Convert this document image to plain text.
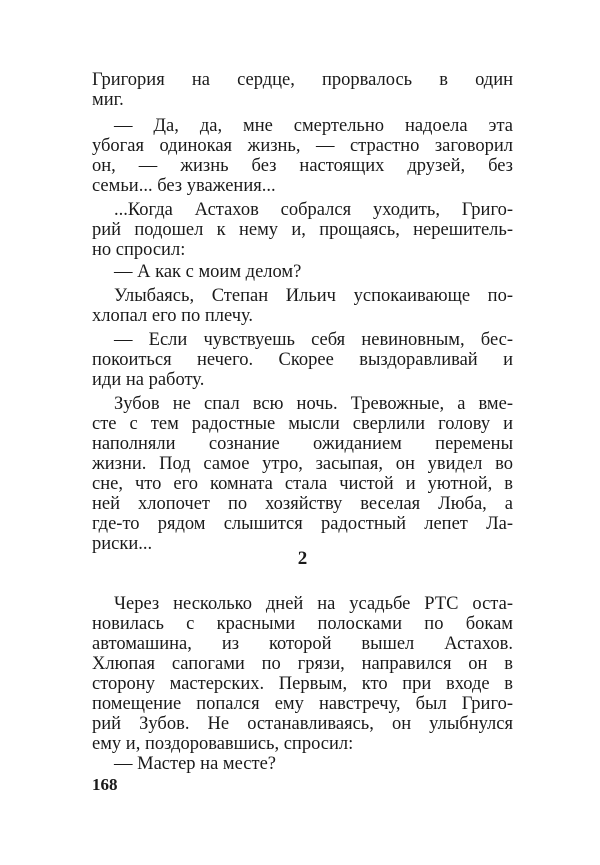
Григория на сердце, прорвалось в один
миг.
— Да, да, мне смертельно надоела эта
убогая одинокая жизнь, — страстно заговорил
он, — жизнь без настоящих друзей, без
семьи... без уважения...
...Когда Астахов собрался уходить, Григо-
рий подошел к нему и, прощаясь, нерешитель-
но спросил:
— А как с моим делом?
Улыбаясь, Степан Ильич успокаивающе по-
хлопал его по плечу.
— Если чувствуешь себя невиновным, бес-
покоиться нечего. Скорее выздоравливай и
иди на работу.
Зубов не спал всю ночь. Тревожные, а вме-
сте с тем радостные мысли сверлили голову и
наполняли сознание ожиданием перемены
жизни. Под самое утро, засыпая, он увидел во
сне, что его комната стала чистой и уютной, в
ней хлопочет по хозяйству веселая Люба, а
где-то рядом слышится радостный лепет Ла-
риски...
2
Через несколько дней на усадьбе РТС оста-
новилась с красными полосками по бокам
автомашина, из которой вышел Астахов.
Хлюпая сапогами по грязи, направился он в
сторону мастерских. Первым, кто при входе в
помещение попался ему навстречу, был Григо-
рий Зубов. Не останавливаясь, он улыбнулся
ему и, поздоровавшись, спросил:
— Мастер на месте?
168
